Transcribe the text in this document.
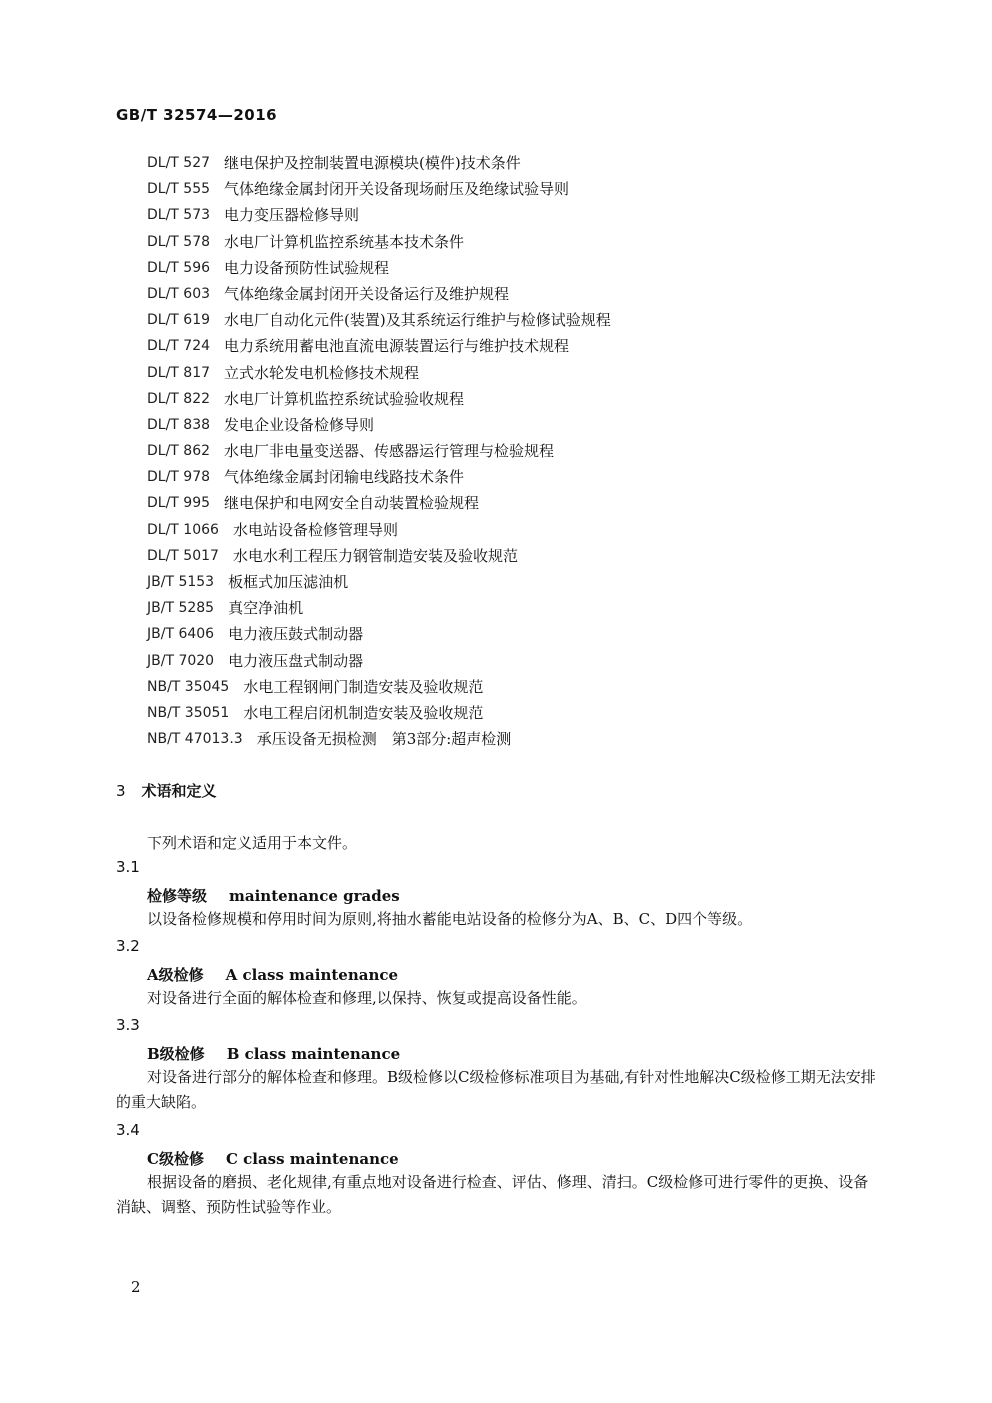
GB/T 32574—2016
DL/T 527 继电保护及控制装置电源模块(模件)技术条件
DL/T 555 气体绝缘金属封闭开关设备现场耐压及绝缘试验导则
DL/T 573 电力变压器检修导则
DL/T 578 水电厂计算机监控系统基本技术条件
DL/T 596 电力设备预防性试验规程
DL/T 603 气体绝缘金属封闭开关设备运行及维护规程
DL/T 619 水电厂自动化元件(装置)及其系统运行维护与检修试验规程
DL/T 724 电力系统用蓄电池直流电源装置运行与维护技术规程
DL/T 817 立式水轮发电机检修技术规程
DL/T 822 水电厂计算机监控系统试验验收规程
DL/T 838 发电企业设备检修导则
DL/T 862 水电厂非电量变送器、传感器运行管理与检验规程
DL/T 978 气体绝缘金属封闭输电线路技术条件
DL/T 995 继电保护和电网安全自动装置检验规程
DL/T 1066 水电站设备检修管理导则
DL/T 5017 水电水利工程压力钢管制造安装及验收规范
JB/T 5153 板框式加压滤油机
JB/T 5285 真空净油机
JB/T 6406 电力液压鼓式制动器
JB/T 7020 电力液压盘式制动器
NB/T 35045 水电工程钢闸门制造安装及验收规范
NB/T 35051 水电工程启闭机制造安装及验收规范
NB/T 47013.3 承压设备无损检测　第3部分:超声检测
3 术语和定义
下列术语和定义适用于本文件。
3.1
检修等级 maintenance grades
以设备检修规模和停用时间为原则,将抽水蓄能电站设备的检修分为A、B、C、D四个等级。
3.2
A级检修 A class maintenance
对设备进行全面的解体检查和修理,以保持、恢复或提高设备性能。
3.3
B级检修 B class maintenance
对设备进行部分的解体检查和修理。B级检修以C级检修标准项目为基础,有针对性地解决C级检修工期无法安排的重大缺陷。
3.4
C级检修 C class maintenance
根据设备的磨损、老化规律,有重点地对设备进行检查、评估、修理、清扫。C级检修可进行零件的更换、设备消缺、调整、预防性试验等作业。
2
